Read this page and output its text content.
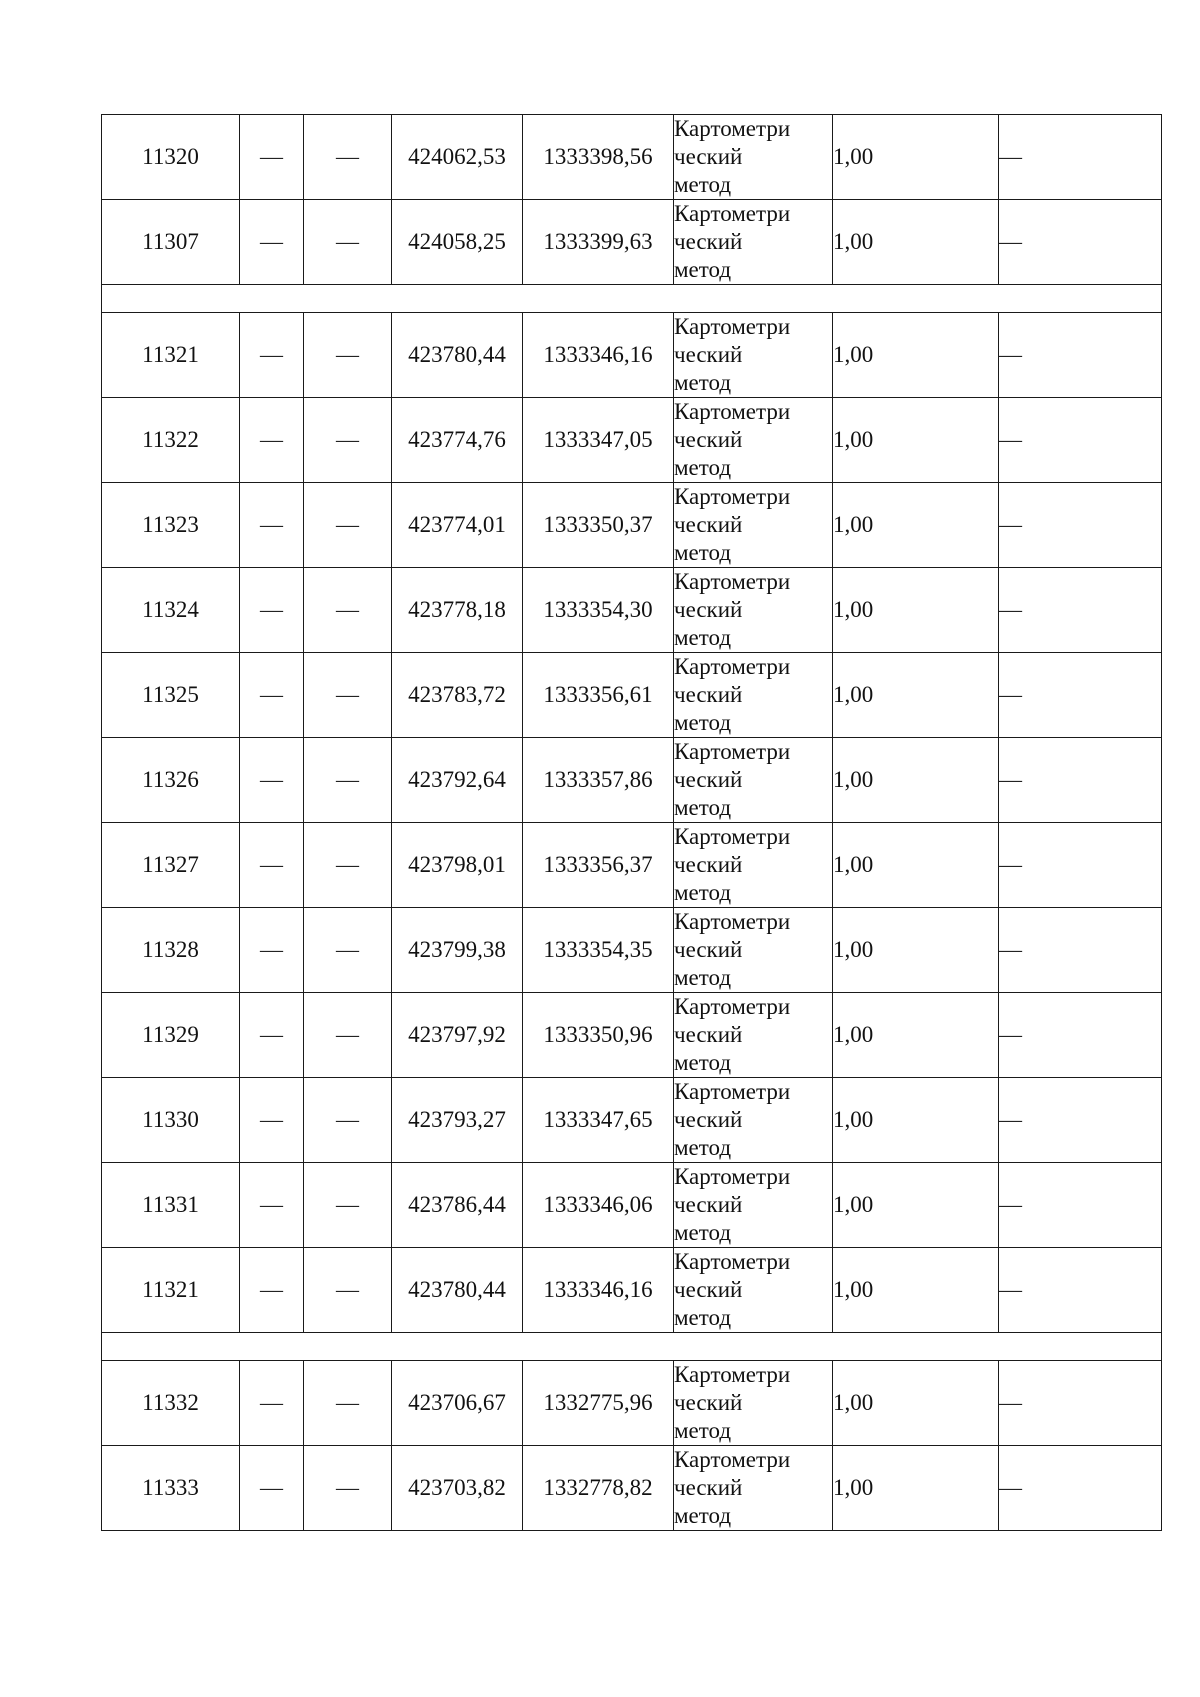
11320	—	—	424062,53	1333398,56	Картометри
ческий
метод	1,00	—
11307	—	—	424058,25	1333399,63	Картометри
ческий
метод	1,00	—

11321	—	—	423780,44	1333346,16	Картометри
ческий
метод	1,00	—
11322	—	—	423774,76	1333347,05	Картометри
ческий
метод	1,00	—
11323	—	—	423774,01	1333350,37	Картометри
ческий
метод	1,00	—
11324	—	—	423778,18	1333354,30	Картометри
ческий
метод	1,00	—
11325	—	—	423783,72	1333356,61	Картометри
ческий
метод	1,00	—
11326	—	—	423792,64	1333357,86	Картометри
ческий
метод	1,00	—
11327	—	—	423798,01	1333356,37	Картометри
ческий
метод	1,00	—
11328	—	—	423799,38	1333354,35	Картометри
ческий
метод	1,00	—
11329	—	—	423797,92	1333350,96	Картометри
ческий
метод	1,00	—
11330	—	—	423793,27	1333347,65	Картометри
ческий
метод	1,00	—
11331	—	—	423786,44	1333346,06	Картометри
ческий
метод	1,00	—
11321	—	—	423780,44	1333346,16	Картометри
ческий
метод	1,00	—

11332	—	—	423706,67	1332775,96	Картометри
ческий
метод	1,00	—
11333	—	—	423703,82	1332778,82	Картометри
ческий
метод	1,00	—
